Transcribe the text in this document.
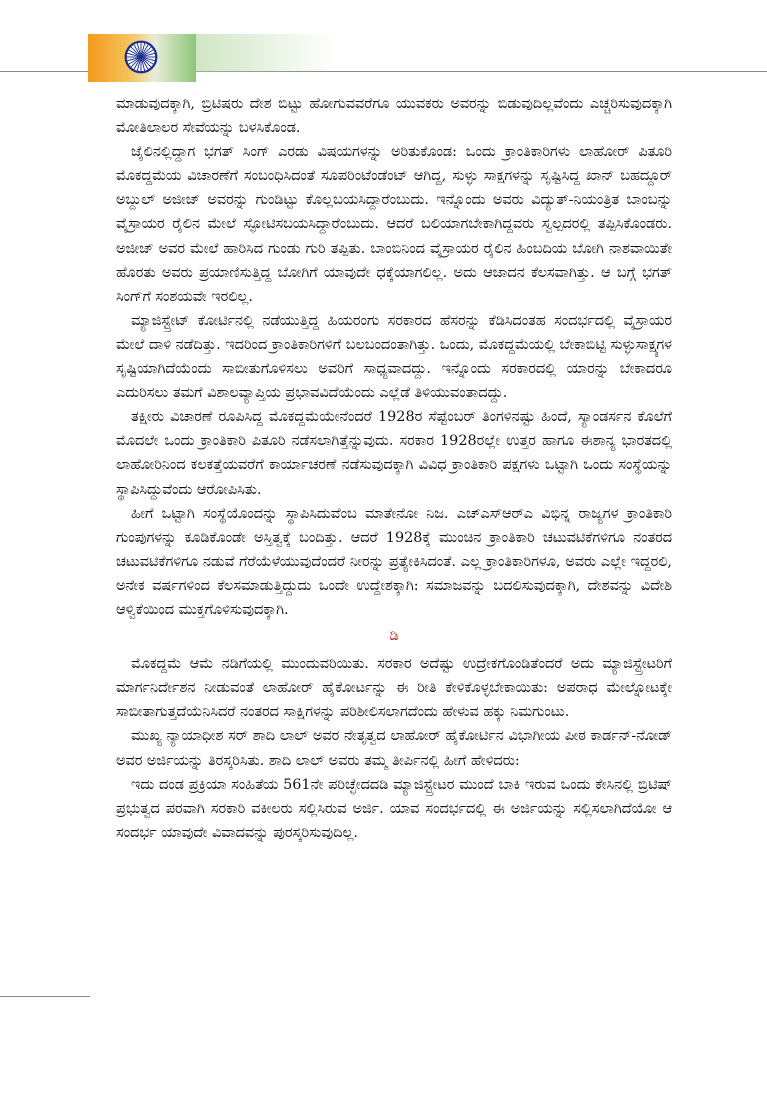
ಮಾಡುವುದಕ್ಕಾಗಿ, ಬ್ರಿಟಿಷರು ದೇಶ ಬಿಟ್ಟು ಹೋಗುವವರೆಗೂ ಯುವಕರು ಅವರನ್ನು ಬಿಡುವುದಿಲ್ಲವೆಂದು ಎಚ್ಚರಿಸುವುದಕ್ಕಾಗಿ ಮೋತಿಲಾಲರ ಸೇವೆಯನ್ನು ಬಳಸಿಕೊಂಡ.

ಜೈಲಿನಲ್ಲಿದ್ದಾಗ ಭಗತ್ ಸಿಂಗ್ ಎರಡು ವಿಷಯಗಳನ್ನು ಅರಿತುಕೊಂಡ: ಒಂದು ಕ್ರಾಂತಿಕಾರಿಗಳು ಲಾಹೋರ್ ಪಿತೂರಿ ಮೊಕದ್ದಮೆಯ ವಿಚಾರಣೆಗೆ ಸಂಬಂಧಿಸಿದಂತೆ ಸೂಪರಿಂಟೆಂಡೆಂಟ್ ಆಗಿದ್ದ, ಸುಳ್ಳು ಸಾಕ್ಷಗಳನ್ನು ಸೃಷ್ಟಿಸಿದ್ದ ಖಾನ್ ಬಹದ್ದೂರ್ ಅಬ್ದುಲ್ ಅಜೀಜ್ ಅವರನ್ನು ಗುಂಡಿಟ್ಟು ಕೊಲ್ಲಬಯಸಿದ್ದಾರೆಂಬುದು. ಇನ್ನೊಂದು ಅವರು ವಿದ್ಯುತ್-ನಿಯಂತ್ರಿತ ಬಾಂಬನ್ನು ವೈಸ್ರಾಯರ ರೈಲಿನ ಮೇಲೆ ಸ್ಫೋಟಿಸಬಯಸಿದ್ದಾರೆಂಬುದು. ಆದರೆ ಬಲಿಯಾಗಬೇಕಾಗಿದ್ದವರು ಸ್ವಲ್ಪದರಲ್ಲಿ ತಪ್ಪಿಸಿಕೊಂಡರು. ಅಜೀಜ್ ಅವರ ಮೇಲೆ ಹಾರಿಸಿದ ಗುಂಡು ಗುರಿ ತಪ್ಪಿತು. ಬಾಂಬಿನಿಂದ ವೈಸ್ರಾಯರ ರೈಲಿನ ಹಿಂಬದಿಯ ಬೋಗಿ ನಾಶವಾಯಿತೇ ಹೊರತು ಅವರು ಪ್ರಯಾಣಿಸುತ್ತಿದ್ದ ಬೋಗಿಗೆ ಯಾವುದೇ ಧಕ್ಕೆಯಾಗಲಿಲ್ಲ. ಅದು ಆಜಾದನ ಕೆಲಸವಾಗಿತ್ತು. ಆ ಬಗ್ಗೆ ಭಗತ್ ಸಿಂಗ್‌ಗೆ ಸಂಶಯವೇ ಇರಲಿಲ್ಲ.

ಮ್ಯಾಜಿಸ್ಟ್ರೇಟ್ ಕೋರ್ಟಿನಲ್ಲಿ ನಡೆಯುತ್ತಿದ್ದ ಹಿಯರಂಗು ಸರಕಾರದ ಹೆಸರನ್ನು ಕೆಡಿಸಿದಂತಹ ಸಂದರ್ಭದಲ್ಲಿ ವೈಸ್ರಾಯರ ಮೇಲೆ ದಾಳಿ ನಡೆದಿತ್ತು. ಇದರಿಂದ ಕ್ರಾಂತಿಕಾರಿಗಳಿಗೆ ಬಲಬಂದಂತಾಗಿತ್ತು. ಒಂದು, ಮೊಕದ್ದಮೆಯಲ್ಲಿ ಬೇಕಾಬಿಟ್ಟಿ ಸುಳ್ಳುಸಾಕ್ಷ್ಯಗಳ ಸೃಷ್ಟಿಯಾಗಿದೆಯೆಂದು ಸಾಬೀತುಗೊಳಿಸಲು ಅವರಿಗೆ ಸಾಧ್ಯವಾದದ್ದು. ಇನ್ನೊಂದು ಸರಕಾರದಲ್ಲಿ ಯಾರನ್ನು ಬೇಕಾದರೂ ಎದುರಿಸಲು ತಮಗೆ ವಿಶಾಲವ್ಯಾಪ್ತಿಯ ಪ್ರಭಾವವಿದೆಯೆಂದು ಎಲ್ಲೆಡೆ ತಿಳಿಯುವಂತಾದದ್ದು.

ತಕ್ಷೀರು ವಿಚಾರಣೆ ರೂಪಿಸಿದ್ದ ಮೊಕದ್ದಮೆಯೇನೆಂದರೆ 1928ರ ಸೆಪ್ಟೆಂಬರ್ ತಿಂಗಳಿನಷ್ಟು ಹಿಂದೆ, ಸ್ಯಾಂಡರ್ಸನ ಕೊಲೆಗೆ ಮೊದಲೇ ಒಂದು ಕ್ರಾಂತಿಕಾರಿ ಪಿತೂರಿ ನಡೆಸಲಾಗಿತ್ತೆನ್ನುವುದು. ಸರಕಾರ 1928ರಲ್ಲೇ ಉತ್ತರ ಹಾಗೂ ಈಶಾನ್ಯ ಭಾರತದಲ್ಲಿ ಲಾಹೋರಿನಿಂದ ಕಲಕತ್ತೆಯವರೆಗೆ ಕಾರ್ಯಾಚರಣೆ ನಡೆಸುವುದಕ್ಕಾಗಿ ವಿವಿಧ ಕ್ರಾಂತಿಕಾರಿ ಪಕ್ಷಗಳು ಒಟ್ಟಾಗಿ ಒಂದು ಸಂಸ್ಥೆಯನ್ನು ಸ್ಥಾಪಿಸಿದ್ದುವೆಂದು ಆರೋಪಿಸಿತು.

ಹೀಗೆ ಒಟ್ಟಾಗಿ ಸಂಸ್ಥೆಯೊಂದನ್ನು ಸ್ಥಾಪಿಸಿದುವೆಂಬ ಮಾತೇನೋ ನಿಜ. ಎಚ್‌ಎಸ್‌ಆರ್‌ಎ ವಿಭಿನ್ನ ರಾಜ್ಯಗಳ ಕ್ರಾಂತಿಕಾರಿ ಗುಂಪುಗಳನ್ನು ಕೂಡಿಕೊಂಡೇ ಅಸ್ತಿತ್ವಕ್ಕೆ ಬಂದಿತ್ತು. ಆದರೆ 1928ಕ್ಕೆ ಮುಂಚಿನ ಕ್ರಾಂತಿಕಾರಿ ಚಟುವಟಿಕೆಗಳಿಗೂ ನಂತರದ ಚಟುವಟಿಕೆಗಳಿಗೂ ನಡುವೆ ಗೆರೆಯೆಳೆಯುವುದೆಂದರೆ ನೀರನ್ನು ಪ್ರತ್ಯೇಕಿಸಿದಂತೆ. ಎಲ್ಲ ಕ್ರಾಂತಿಕಾರಿಗಳೂ, ಅವರು ಎಲ್ಲೇ ಇದ್ದರಲಿ, ಅನೇಕ ವರ್ಷಗಳಿಂದ ಕೆಲಸಮಾಡುತ್ತಿದ್ದುದು ಒಂದೇ ಉದ್ದೇಶಕ್ಕಾಗಿ: ಸಮಾಜವನ್ನು ಬದಲಿಸುವುದಕ್ಕಾಗಿ, ದೇಶವನ್ನು ವಿದೇಶಿ ಆಳ್ವಿಕೆಯಿಂದ ಮುಕ್ತಗೊಳಿಸುವುದಕ್ಕಾಗಿ.

ಡಿ

ಮೊಕದ್ದಮೆ ಆಮೆ ನಡಿಗೆಯಲ್ಲಿ ಮುಂದುವರಿಯಿತು. ಸರಕಾರ ಅದೆಷ್ಟು ಉದ್ರೇಕಗೊಂಡಿತೆಂದರೆ ಅದು ಮ್ಯಾಜಿಸ್ಟ್ರೇಟರಿಗೆ ಮಾರ್ಗನಿರ್ದೇಶನ ನೀಡುವಂತೆ ಲಾಹೋರ್ ಹೈಕೋರ್ಟನ್ನು ಈ ರೀತಿ ಕೇಳಿಕೊಳ್ಳಬೇಕಾಯಿತು: ಅಪರಾಧ ಮೇಲ್ನೋಟಕ್ಕೇ ಸಾಬೀತಾಗುತ್ತದೆಯೆನಿಸಿದರೆ ನಂತರದ ಸಾಕ್ಷಿಗಳನ್ನು ಪರಿಶೀಲಿಸಲಾಗದೆಂದು ಹೇಳುವ ಹಕ್ಕು ನಿಮಗುಂಟು.

ಮುಖ್ಯ ನ್ಯಾಯಾಧೀಶ ಸರ್ ಶಾದಿ ಲಾಲ್ ಅವರ ನೇತೃತ್ವದ ಲಾಹೋರ್ ಹೈಕೋರ್ಟಿನ ವಿಭಾಗೀಯ ಪೀಠ ಕಾರ್ಡನ್-ನೋಡ್ ಅವರ ಅರ್ಜಿಯನ್ನು ತಿರಸ್ಕರಿಸಿತು. ಶಾದಿ ಲಾಲ್ ಅವರು ತಮ್ಮ ತೀರ್ಪಿನಲ್ಲಿ ಹೀಗೆ ಹೇಳಿದರು:

ಇದು ದಂಡ ಪ್ರಕ್ರಿಯಾ ಸಂಹಿತೆಯ 561ನೇ ಪರಿಚ್ಛೇದದಡಿ ಮ್ಯಾಜಿಸ್ಟ್ರೇಟರ ಮುಂದೆ ಬಾಕಿ ಇರುವ ಒಂದು ಕೇಸಿನಲ್ಲಿ ಬ್ರಿಟಿಷ್ ಪ್ರಭುತ್ವದ ಪರವಾಗಿ ಸರಕಾರಿ ವಕೀಲರು ಸಲ್ಲಿಸಿರುವ ಅರ್ಜಿ. ಯಾವ ಸಂದರ್ಭದಲ್ಲಿ ಈ ಅರ್ಜಿಯನ್ನು ಸಲ್ಲಿಸಲಾಗಿದೆಯೋ ಆ ಸಂದರ್ಭ ಯಾವುದೇ ವಿವಾದವನ್ನು ಪುರಸ್ಕರಿಸುವುದಿಲ್ಲ.
